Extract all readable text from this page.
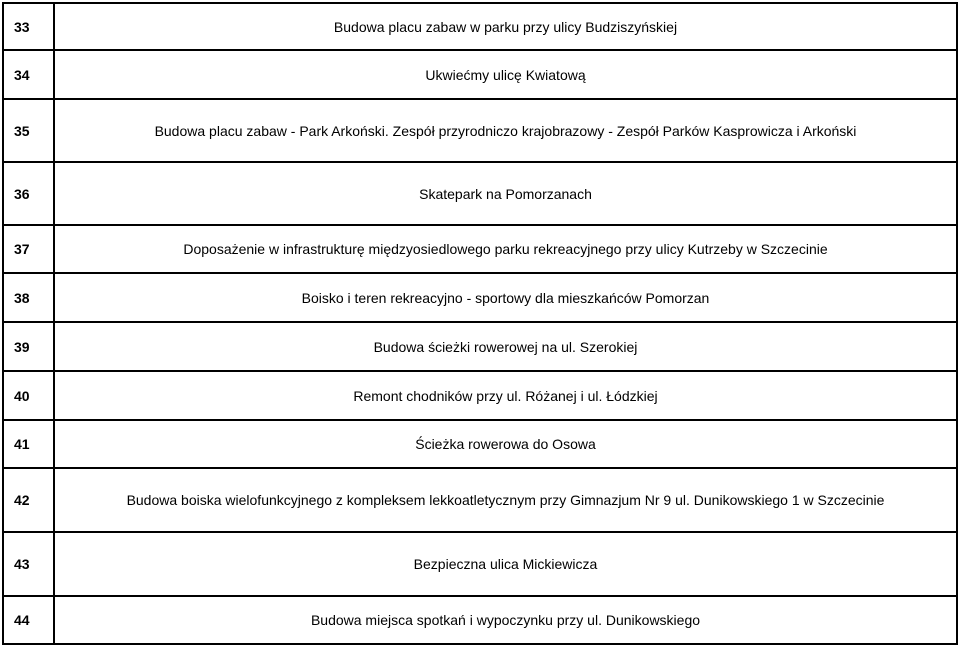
33	Budowa placu zabaw w parku przy ulicy Budziszyńskiej
34	Ukwiećmy ulicę Kwiatową
35	Budowa placu zabaw - Park Arkoński. Zespół przyrodniczo krajobrazowy - Zespół Parków Kasprowicza i Arkoński
36	Skatepark na Pomorzanach
37	Doposażenie w infrastrukturę międzyosiedlowego parku rekreacyjnego przy ulicy Kutrzeby w Szczecinie
38	Boisko i teren rekreacyjno - sportowy dla mieszkańców Pomorzan
39	Budowa ścieżki rowerowej na ul. Szerokiej
40	Remont chodników przy ul. Różanej i ul. Łódzkiej
41	Ścieżka rowerowa do Osowa
42	Budowa boiska wielofunkcyjnego z kompleksem lekkoatletycznym przy Gimnazjum Nr 9 ul. Dunikowskiego 1 w Szczecinie
43	Bezpieczna ulica Mickiewicza
44	Budowa miejsca spotkań i wypoczynku przy ul. Dunikowskiego
